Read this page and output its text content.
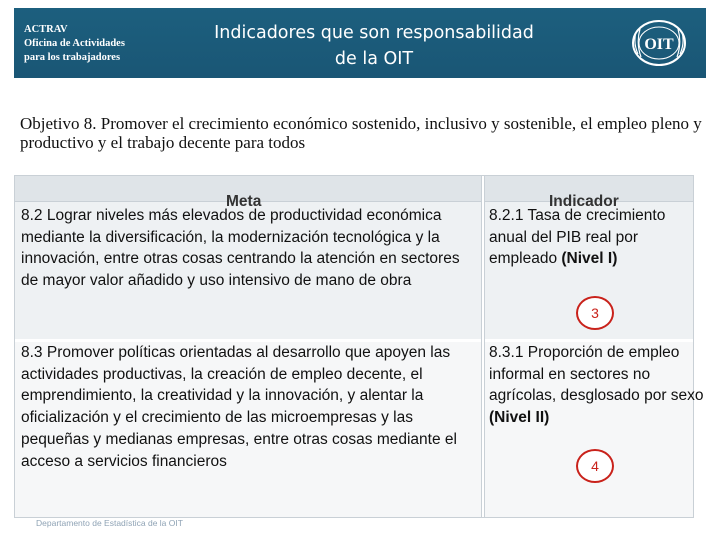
ACTRAV
Oficina de Actividades
para los trabajadores
Indicadores que son responsabilidad
de la OIT
OIT
Objetivo 8. Promover el crecimiento económico sostenido, inclusivo y sostenible, el empleo pleno y productivo y el trabajo decente para todos
8.2 Lograr niveles más elevados de productividad económica mediante la diversificación, la modernización tecnológica y la innovación, entre otras cosas centrando la atención en sectores de mayor valor añadido y uso intensivo de mano de obra
8.2.1 Tasa de crecimiento anual del PIB real por empleado (Nivel I)
8.3 Promover políticas orientadas al desarrollo que apoyen las actividades productivas, la creación de empleo decente, el emprendimiento, la creatividad y la innovación, y alentar la oficialización y el crecimiento de las microempresas y las pequeñas y medianas empresas, entre otras cosas mediante el acceso a servicios financieros
8.3.1 Proporción de empleo informal en sectores no agrícolas, desglosado por sexo (Nivel II)
Meta	Indicador
3
4
Departamento de Estadística de la OIT
